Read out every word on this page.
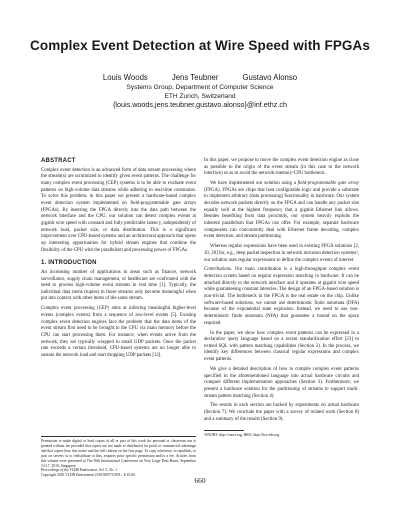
Complex Event Detection at Wire Speed with FPGAs
Louis Woods	Jens Teubner	Gustavo Alonso
Systems Group, Department of Computer Science
ETH Zurich, Switzerland
{louis.woods,jens.teubner,gustavo.alonso}@inf.ethz.ch
ABSTRACT

Complex event detection is an advanced form of data stream processing where the stream(s) are scrutinized to identify given event patterns. The challenge for many complex event processing (CEP) systems is to be able to evaluate event patterns on high-volume data streams while adhering to real-time constraints. To solve this problem, in this paper we present a hardware-based complex event detection system implemented on field-programmable gate arrays (FPGAs). By inserting the FPGA directly into the data path between the network interface and the CPU, our solution can detect complex events at gigabit wire speed with constant and fully predictable latency, independently of network load, packet size, or data distribution. This is a significant improvement over CPU-based systems and an architectural approach that opens up interesting opportunities for hybrid stream engines that combine the flexibility of the CPU with the parallelism and processing power of FPGAs.

1. INTRODUCTION

An increasing number of applications in areas such as finance, network surveillance, supply chain management, or healthcare are confronted with the need to process high-volume event streams in real time [1]. Typically, the individual data items (tuples) in those streams only become meaningful when put into context with other items of the same stream.

Complex event processing (CEP) aims at inferring meaningful higher-level events (complex events) from a sequence of low-level events [5]. Existing complex event detection engines face the problem that the data items of the event stream first need to be brought to the CPU via main memory before the CPU can start processing them. For instance, when events arrive from the network, they are typically wrapped in small UDP packets. Once the packet rate exceeds a certain threshold, CPU-based systems are no longer able to sustain the network load and start dropping UDP packets [12].

In this paper, we propose to move the complex event detection engine as close as possible to the origin of the event stream (in this case to the network interface) so as to avoid the network-memory-CPU bottleneck.

We have implemented our solution using a field-programmable gate array (FPGA). FPGAs are chips that host configurable logic and provide a substrate to implement arbitrary (data processing) functionality in hardware. Our system decodes network packets directly on the FPGA and can handle any packet size equally well at the highest frequency that a gigabit Ethernet link allows. Besides benefiting from data proximity, our system heavily exploits the inherent parallelism that FPGAs can offer. For example, separate hardware components can concurrently deal with Ethernet frame decoding, complex event detection, and stream partitioning.

Whereas regular expressions have been used in existing FPGA solutions [2, 10, 20] for, e.g., deep packet inspection in network intrusion detection systems¹, our solution uses regular expressions to define the complex events of interest.

Contributions. Our main contribution is a high-throughput complex event detection system based on regular expression matching in hardware. It can be attached directly to the network interface and it operates at gigabit wire speed while guaranteeing constant latencies. The design of an FPGA-based solution is non-trivial. The bottleneck in the FPGA is the real estate on the chip. Unlike software-based solutions, we cannot use deterministic finite automata (DFA) because of the exponential state explosion. Instead, we need to use non-deterministic finite automata (NFA) that guarantee a bound on the space required.

In the paper, we show how complex event patterns can be expressed in a declarative query language based on a recent standardization effort [23] to extend SQL with pattern matching capabilities (Section 2). In the process, we identify key differences between classical regular expressions and complex event patterns.

We give a detailed description of how to compile complex event patterns specified in the aforementioned language into actual hardware circuits and compare different implementation approaches (Section 3). Furthermore, we present a hardware solution for the partitioning of streams to support multi-stream pattern matching (Section 4).

The results in each section are backed by experiments on actual hardware (Section 7). We conclude the paper with a survey of related work (Section 8) and a summary of the results (Section 9).

Permission to make digital or hard copies of all or part of this work for personal or classroom use is granted without fee provided that copies are not made or distributed for profit or commercial advantage and that copies bear this notice and the full citation on the first page. To copy otherwise, to republish, to post on servers or to redistribute to lists, requires prior specific permission and/or a fee. Articles from this volume were presented at The 36th International Conference on Very Large Data Bases, September 13-17, 2010, Singapore.
Proceedings of the VLDB Endowment, Vol. 3, No. 1
Copyright 2010 VLDB Endowment 2150-8097/10/09... $ 10.00.
¹SNORT: http://snort.org, BRO: http://bro-ids.org
660
